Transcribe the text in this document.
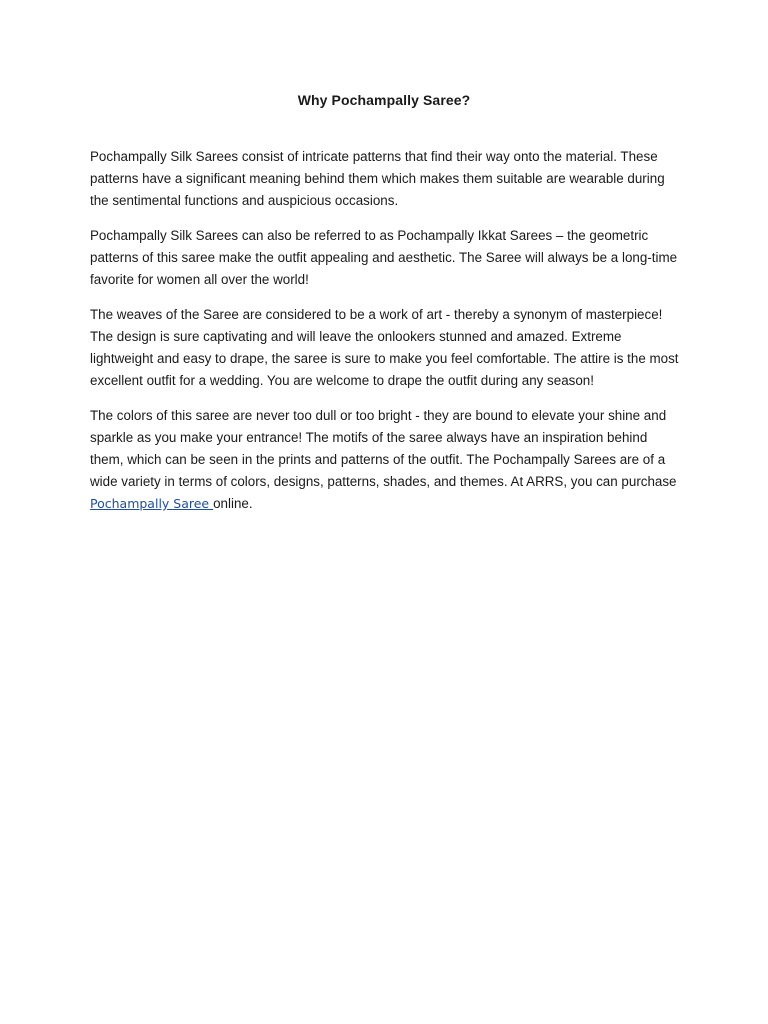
Why Pochampally Saree?

Pochampally Silk Sarees consist of intricate patterns that find their way onto the material. These patterns have a significant meaning behind them which makes them suitable are wearable during the sentimental functions and auspicious occasions.

Pochampally Silk Sarees can also be referred to as Pochampally Ikkat Sarees – the geometric patterns of this saree make the outfit appealing and aesthetic. The Saree will always be a long-time favorite for women all over the world!

The weaves of the Saree are considered to be a work of art - thereby a synonym of masterpiece! The design is sure captivating and will leave the onlookers stunned and amazed. Extreme lightweight and easy to drape, the saree is sure to make you feel comfortable. The attire is the most excellent outfit for a wedding. You are welcome to drape the outfit during any season!

The colors of this saree are never too dull or too bright - they are bound to elevate your shine and sparkle as you make your entrance! The motifs of the saree always have an inspiration behind them, which can be seen in the prints and patterns of the outfit. The Pochampally Sarees are of a wide variety in terms of colors, designs, patterns, shades, and themes. At ARRS, you can purchase Pochampally Saree online.
